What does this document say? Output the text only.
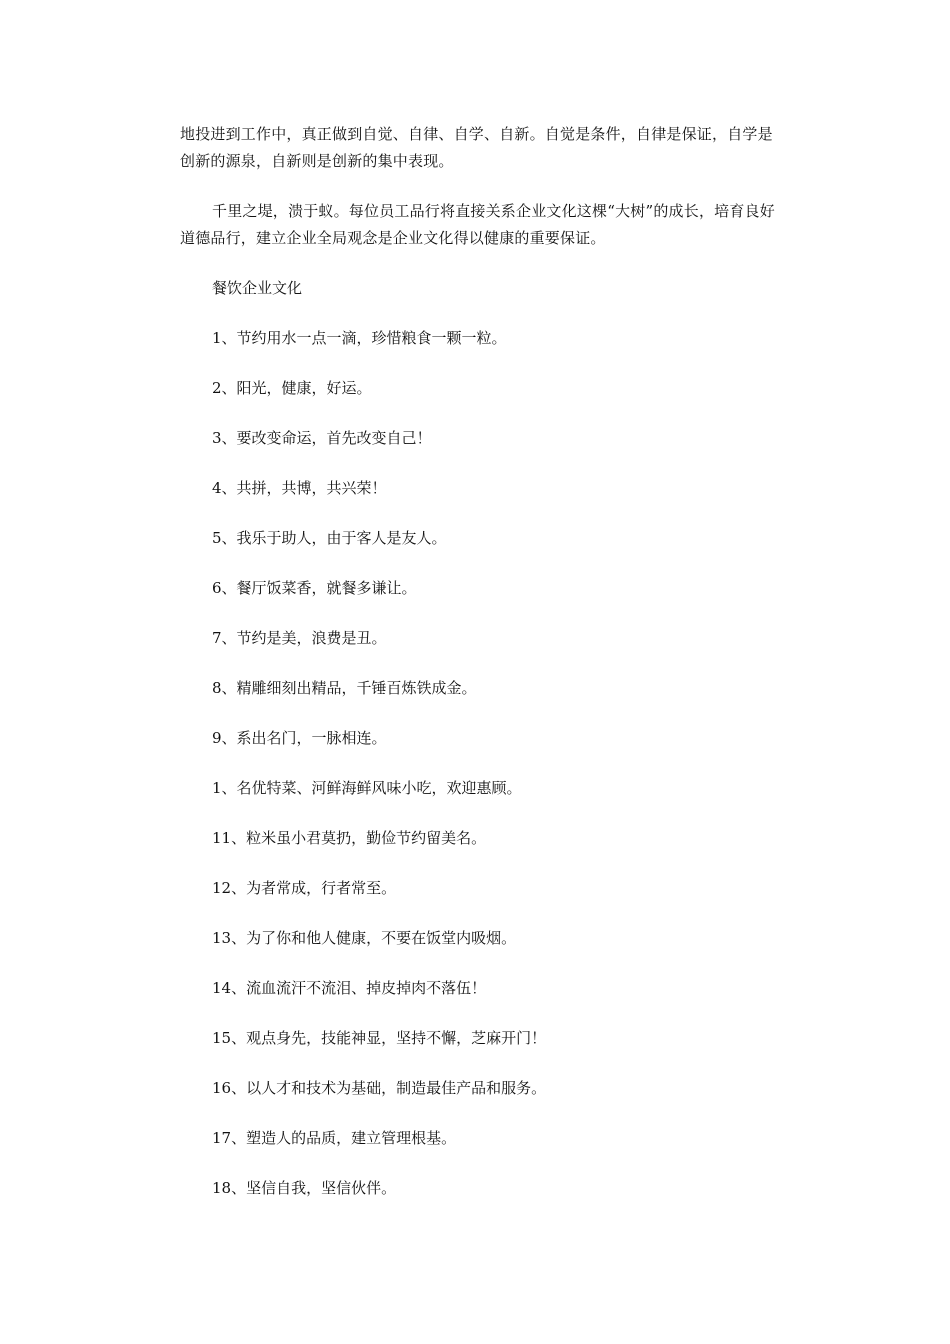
地投进到工作中，真正做到自觉、自律、自学、自新。自觉是条件，自律是保证，自学是创新的源泉，自新则是创新的集中表现。

千里之堤，溃于蚁。每位员工品行将直接关系企业文化这棵“大树”的成长，培育良好道德品行，建立企业全局观念是企业文化得以健康的重要保证。

餐饮企业文化

1、节约用水一点一滴，珍惜粮食一颗一粒。
2、阳光，健康，好运。
3、要改变命运，首先改变自己！
4、共拼，共博，共兴荣！
5、我乐于助人，由于客人是友人。
6、餐厅饭菜香，就餐多谦让。
7、节约是美，浪费是丑。
8、精雕细刻出精品，千锤百炼铁成金。
9、系出名门，一脉相连。
1、名优特菜、河鲜海鲜风味小吃，欢迎惠顾。
11、粒米虽小君莫扔，勤俭节约留美名。
12、为者常成，行者常至。
13、为了你和他人健康，不要在饭堂内吸烟。
14、流血流汗不流泪、掉皮掉肉不落伍！
15、观点身先，技能神显，坚持不懈，芝麻开门！
16、以人才和技术为基础，制造最佳产品和服务。
17、塑造人的品质，建立管理根基。
18、坚信自我，坚信伙伴。
